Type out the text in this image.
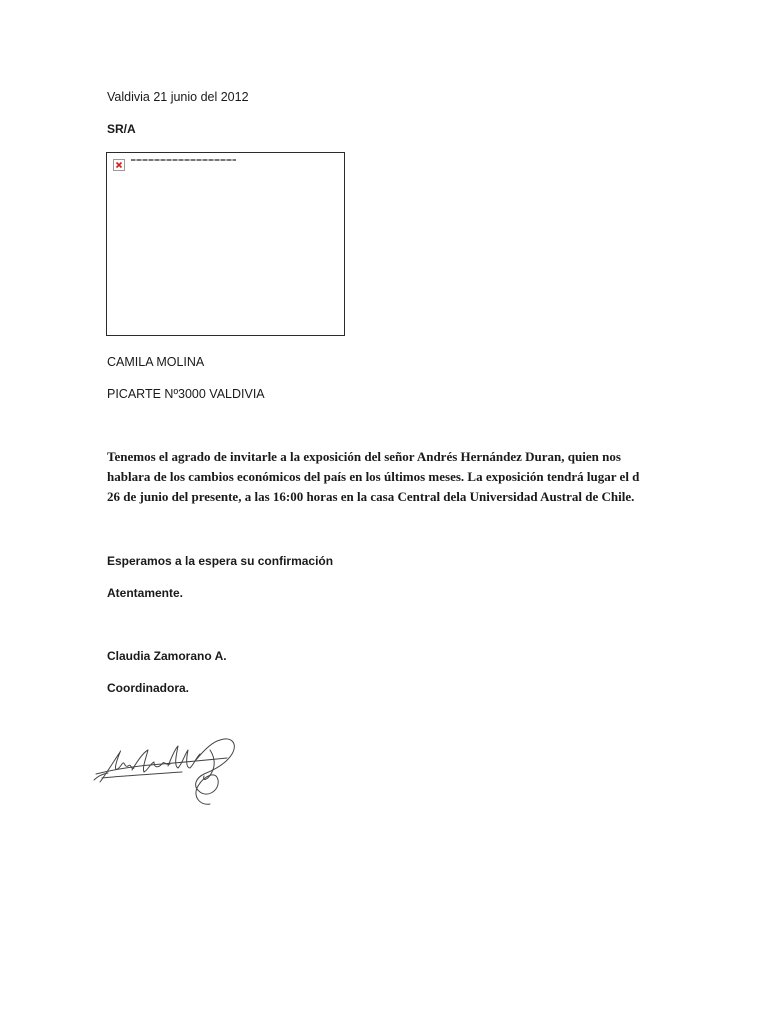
Valdivia 21 junio del 2012
SR/A
CAMILA MOLINA
PICARTE Nº3000 VALDIVIA
Tenemos el agrado de invitarle a la exposición del señor Andrés Hernández Duran, quien nos
hablara de los cambios económicos del país en los últimos meses. La exposición tendrá lugar el d
26 de junio del presente, a las 16:00 horas en la casa Central dela Universidad Austral de Chile.
Esperamos a la espera su confirmación
Atentamente.
Claudia Zamorano A.
Coordinadora.
